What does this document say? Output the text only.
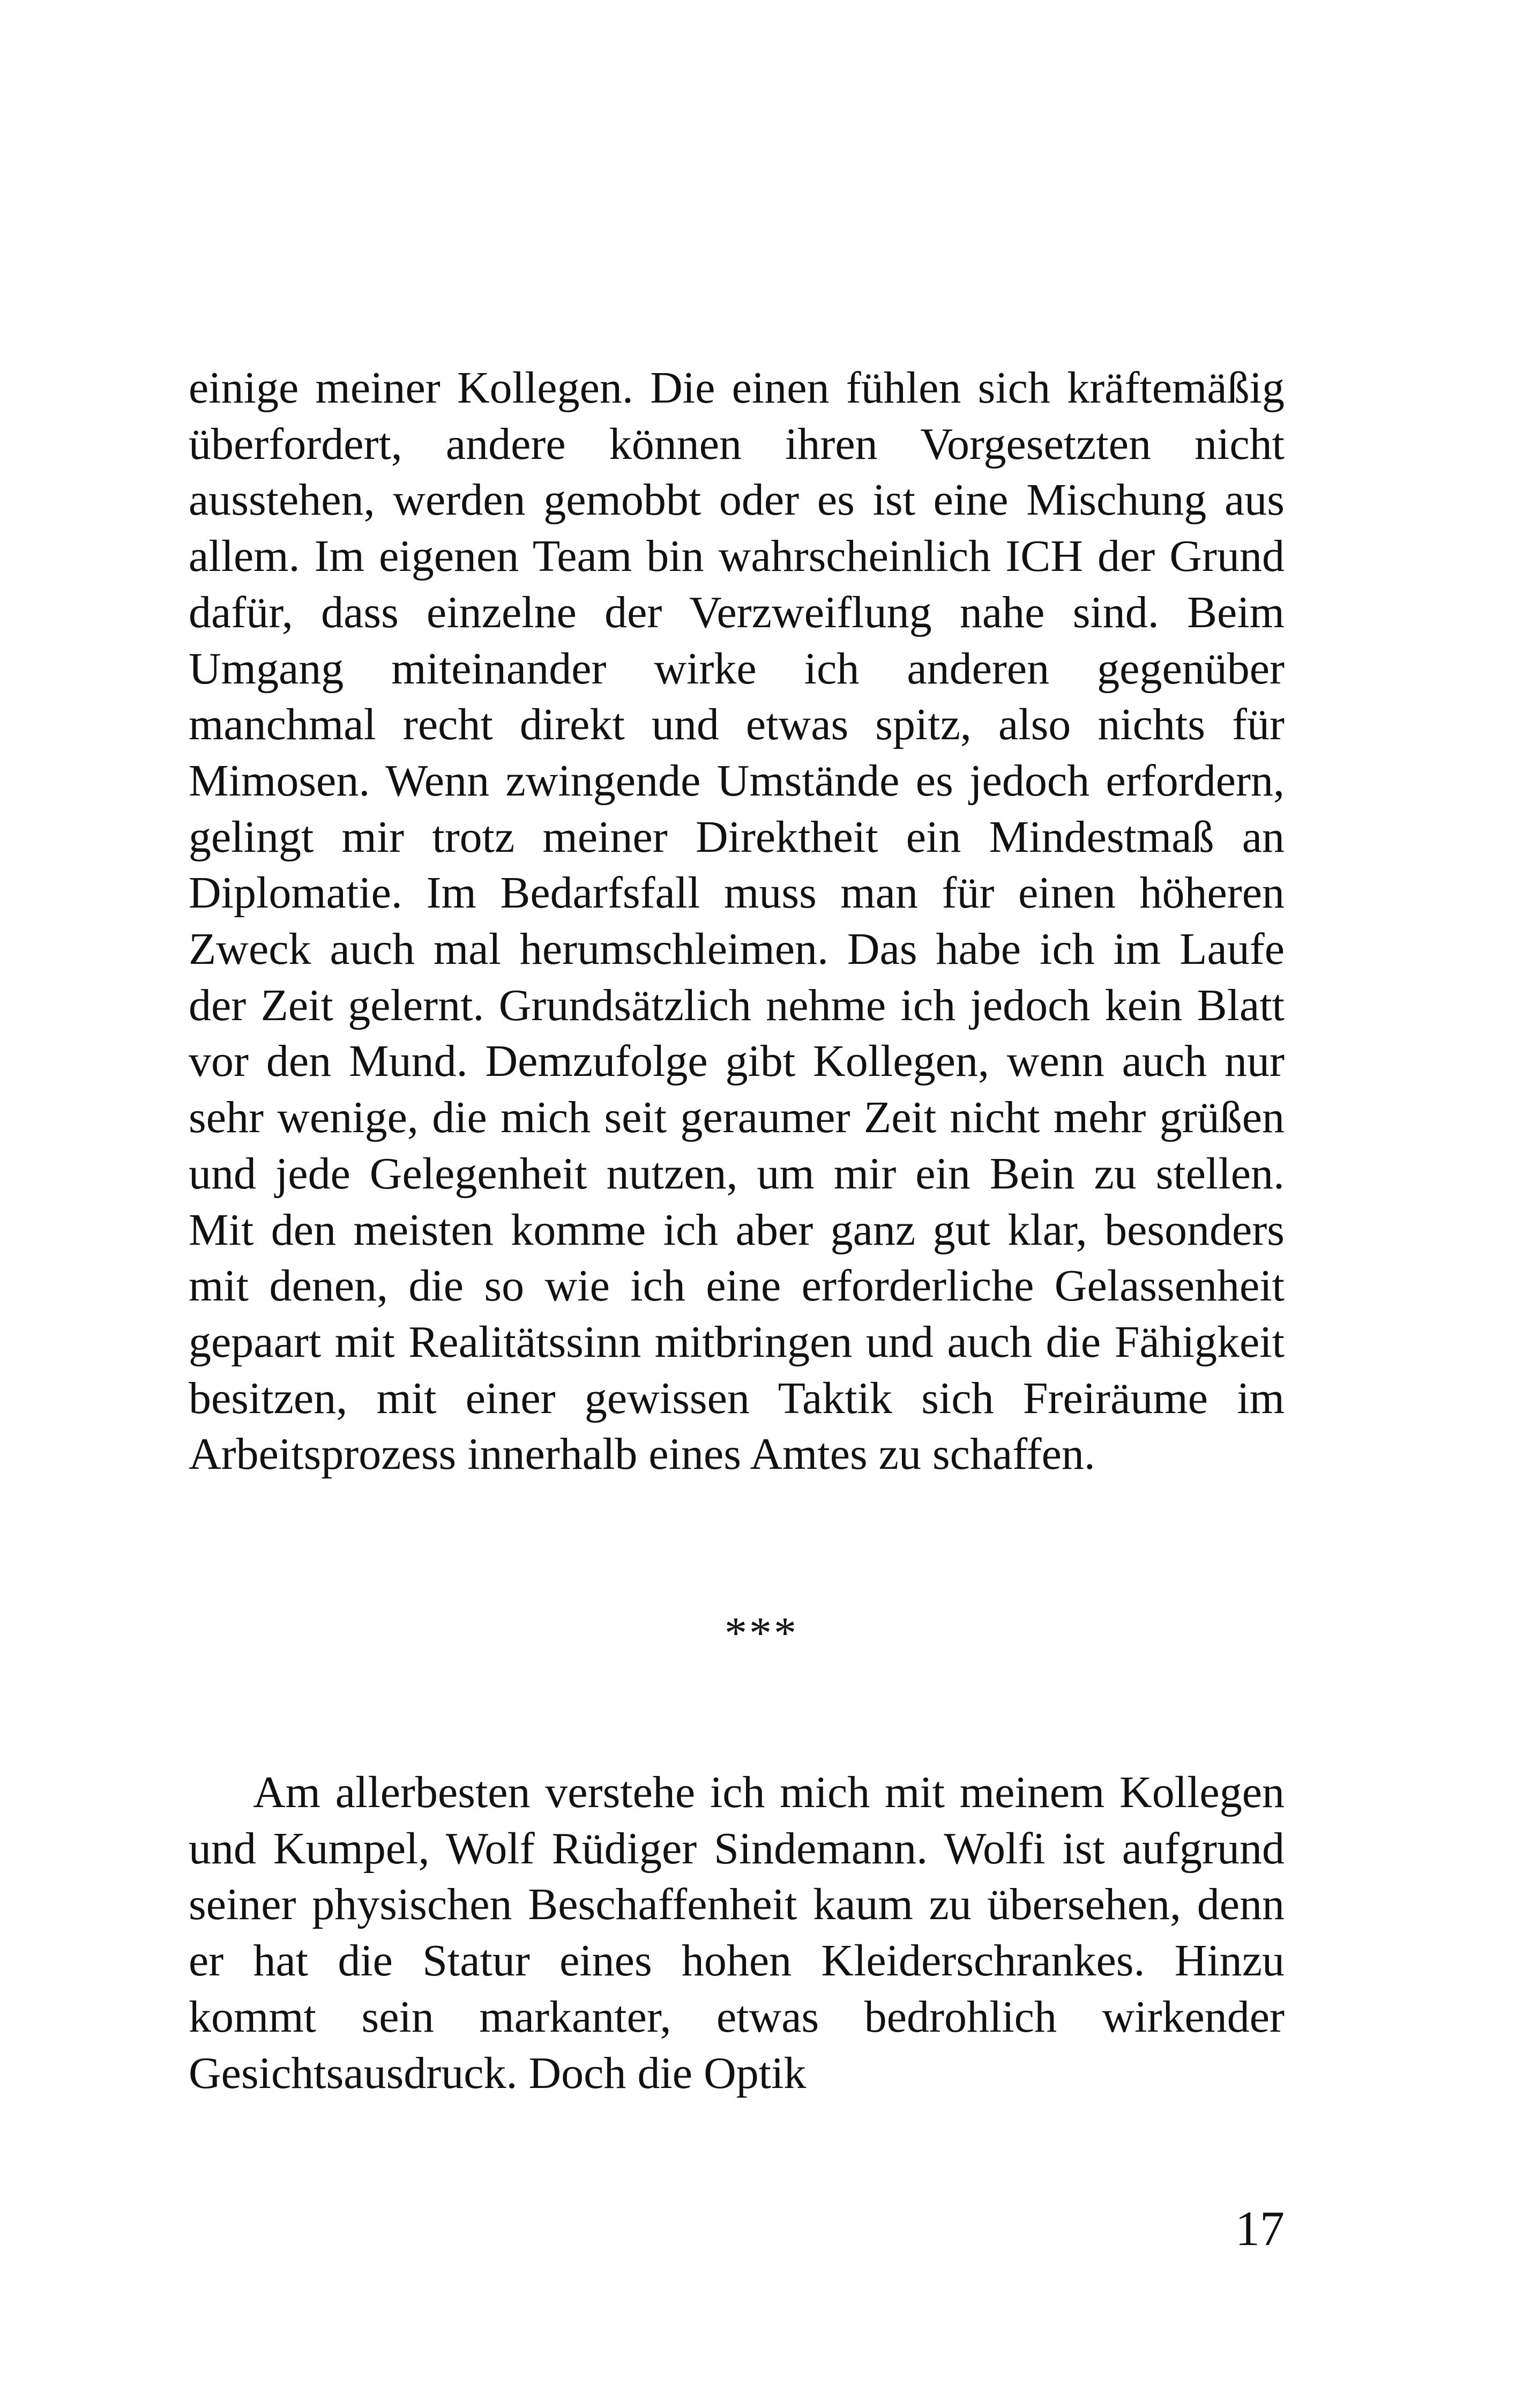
einige meiner Kollegen. Die einen fühlen sich kräftemäßig überfordert, andere können ihren Vorgesetzten nicht ausstehen, werden gemobbt oder es ist eine Mischung aus allem. Im eigenen Team bin wahrscheinlich ICH der Grund dafür, dass einzelne der Verzweiflung nahe sind. Beim Umgang miteinander wirke ich anderen gegenüber manchmal recht direkt und etwas spitz, also nichts für Mimosen. Wenn zwingende Umstände es jedoch erfordern, gelingt mir trotz meiner Direktheit ein Mindestmaß an Diplomatie. Im Bedarfsfall muss man für einen höheren Zweck auch mal herumschleimen. Das habe ich im Laufe der Zeit gelernt. Grundsätzlich nehme ich jedoch kein Blatt vor den Mund. Demzufolge gibt Kollegen, wenn auch nur sehr wenige, die mich seit geraumer Zeit nicht mehr grüßen und jede Gelegenheit nutzen, um mir ein Bein zu stellen. Mit den meisten komme ich aber ganz gut klar, besonders mit denen, die so wie ich eine erforderliche Gelassenheit gepaart mit Realitätssinn mitbringen und auch die Fähigkeit besitzen, mit einer gewissen Taktik sich Freiräume im Arbeitsprozess innerhalb eines Amtes zu schaffen.

***

Am allerbesten verstehe ich mich mit meinem Kollegen und Kumpel, Wolf Rüdiger Sindemann. Wolfi ist aufgrund seiner physischen Beschaffenheit kaum zu übersehen, denn er hat die Statur eines hohen Kleiderschrankes. Hinzu kommt sein markanter, etwas bedrohlich wirkender Gesichtsausdruck. Doch die Optik

17
